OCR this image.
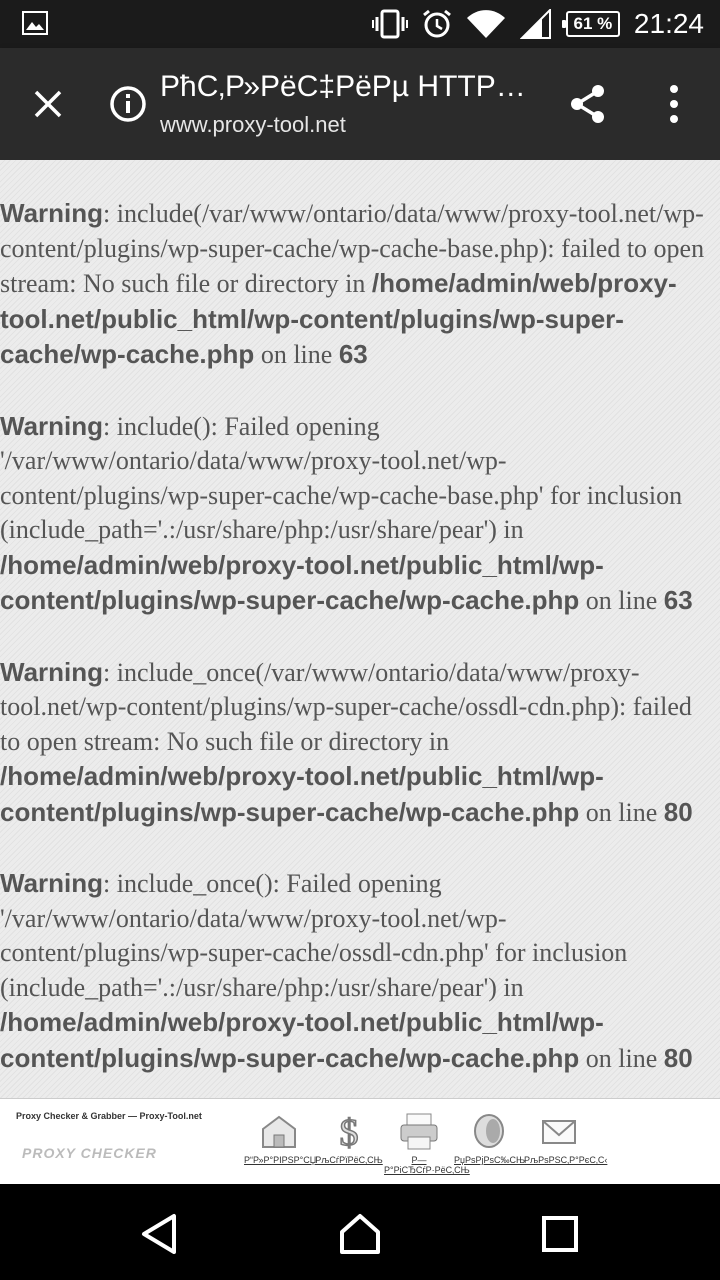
61 % 21:24
РћС‚Р»РёС‡РёРµ HTTP…
www.proxy-tool.net

Warning: include(/var/www/ontario/data/www/proxy-tool.net/wp-content/plugins/wp-super-cache/wp-cache-base.php): failed to open stream: No such file or directory in /home/admin/web/proxy-tool.net/public_html/wp-content/plugins/wp-super-cache/wp-cache.php on line 63

Warning: include(): Failed opening '/var/www/ontario/data/www/proxy-tool.net/wp-content/plugins/wp-super-cache/wp-cache-base.php' for inclusion (include_path='.:/usr/share/php:/usr/share/pear') in /home/admin/web/proxy-tool.net/public_html/wp-content/plugins/wp-super-cache/wp-cache.php on line 63

Warning: include_once(/var/www/ontario/data/www/proxy-tool.net/wp-content/plugins/wp-super-cache/ossdl-cdn.php): failed to open stream: No such file or directory in /home/admin/web/proxy-tool.net/public_html/wp-content/plugins/wp-super-cache/wp-cache.php on line 80

Warning: include_once(): Failed opening '/var/www/ontario/data/www/proxy-tool.net/wp-content/plugins/wp-super-cache/ossdl-cdn.php' for inclusion (include_path='.:/usr/share/php:/usr/share/pear') in /home/admin/web/proxy-tool.net/public_html/wp-content/plugins/wp-super-cache/wp-cache.php on line 80

Proxy Checker & Grabber — Proxy-Tool.net
PROXY CHECKER	Р“Р»Р°РІРЅР°СЏ
$
РљСѓРїРёС‚СЊ	Р—Р°РіСЂСѓР·РёС‚СЊ
РџРѕРјРѕС‰СЊ
РљРѕРЅС‚Р°РєС‚С‹
